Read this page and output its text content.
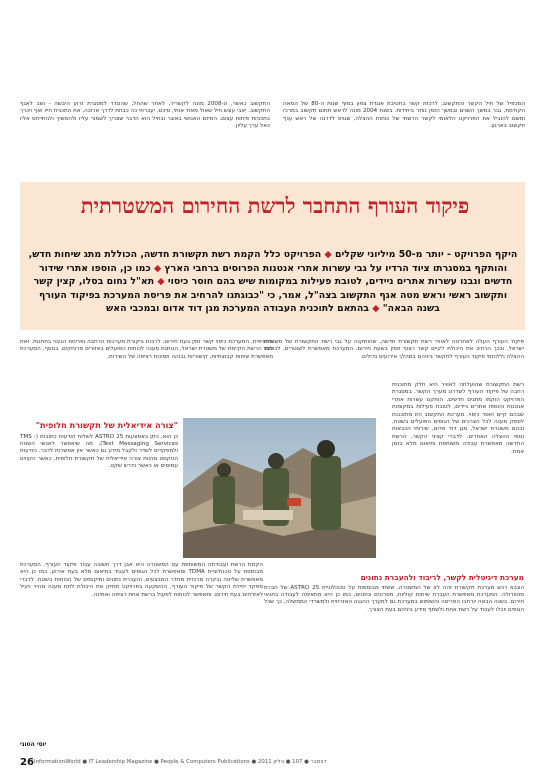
המכפיל של חיל הקשר והתקשוב, לרכזת קשר בחטיבת אוגדת צפון בסוף שנות ה-80 של המאה הקודמת, גבר במשך השנים ובמשך הזמן נותר ביחידות. בשנת 2004 מונה לראש תחום תקשוב במרכז ומשם להוביל את הפרויקט הלאומי לקשר הרשתי של כוחות ההצלה, שגויס לדרגה של ראש ענף תקשוב בארגון.
התקשוב כאשר, ונ-2008 מונה לקשריר, לאחר שהחל, שהוגדר למסגרת זרוע היבשה - ושב לאגף התקשוב. יאבי עונש חיל שאול מאוד אותי, סיכם, יעברתי כה כבחת לדרך ארוכה, את התכנית חייו ואף ויכרך בתכניות פיתוח עצום. המיזם האנושי באוגר ובחיל הוא הדבר שצריך לשמור עליו ולהמשיך ולהתייחס אליו כאל ערך עליון.
פיקוד העורף התחבר לרשת החירום המשטרתית
היקף הפרויקט - יותר מ-50 מיליוני שקלים ◆ הפרויקט כלל הקמת רשת תקשורת חדשה, הכוללת מתג שיחות חדש, והותקף במסגרתו ציוד הרדיו על גבי עשרות אתרי אנטנות הפרוסים ברחבי הארץ ◆ כמו כן, הוספו אתרי שידור חדשים ונבנו עשרות אתרים ניידים, לטובת פעילות במקומות שיש בהם חוסר כיסוי ◆ תא"ל נחום בסלו, קצין קשר ותקשוב ראשי וראש מטה אגף התקשוב בצה"ל, אמר, כי "כבוגתנו להרחיב את פריסת המערכת בפיקוד העורף בשנה הבאה" ◆ בהתאם לתוכנית העבודה המערכת מגן דוד אדום ובמכבי האש
פיקוד העורף העלה לאחרונה לאוויר רשת תקשורת חדשה, שהותקנה על גבי רשת התקשורת של משטרת ישראל, ובכך הרחיב את היכולת לקיים קשר רצוף וזמין בשעת חירום. המערכת מאפשרת לשוטרים, לכוחות ההצלה וללוחמי פיקוד העורף לתקשר ביניהם במהלך אירועים גדולים.
רשת התקשורת שהועלתה לאוויר היא חלק מתוכנית רחבה של פיקוד העורף לשדרוג מערך הקשר. במסגרת הפרויקט הוקמו מתגים חדשים, הותקנו עשרות אתרי אנטנות והוספו אתרים ניידים, לטובת פעילות במקומות שבהם קיים חוסר כיסוי. מערכת התקשוב הזו מתוכננת לספק מענה לכל הצרכים של הגופים הפועלים בשטח, ובהם משטרת ישראל, מגן דוד אדום, שירותי הכבאות וגופי ההצלה האחרים. לדברי קציני הקשר, הרשת החדשה מאפשרת עבודה משותפת ותיאום מלא בזמן אמת.
ספציפית, המערכת כיסוי קשר זמין בעת חירום, לרבות ביקורת מערכות הרחבה ופריסת הגיבוי בתחנות. זאת לצד הרשת הקיימת של משטרת ישראל, הנותנת מענה לכוחות הפועלים באזורים מרוחקים. בנוסף, המערכת מאפשרת שיחות קבוצתיות, קישוריות גבוהה וזמינות רציפה של השירות.
"צורה אידיאלית של תקשורת חלופית"
כן הוא, ניתן באמצעות 25 ASTRO לשלוח הודעות כתובות (TMS - Text Messaging Services), מה שיאפשר לאנשי השטח ולמפקדים לשדר ולקבל מידע גם כאשר אין אפשרות לדבר. הודעות הטקסט מהוות צורה אידיאלית של תקשורת חלופית, כאשר הקווים עמוסים או כאשר נדרש שקט.
מערכת דיגיטלית לקשר, לריבוד ולהעברת נתונים
הצבא רכש מערכת תקשורת זהה לזו של המשטרה, ששתי מבוססות על טכנולוגיית ASTRO 25 של חברת מוטורולה. המערכת מאפשרת העברת שיחות קוליות, מסרונים ונתונים, כמו כן היא מתאימה לעבודה בתנאי חירום. בשנה הבאה יורחבו הפריסה והשימוש במערכת גם למערך ההגנה האזרחית ולמשרדי הממשלה, כך שכל הגופים יוכלו לעבוד על רשת אחת ולשתף מידע ביניהם בעת הצורך.
הקמת הרשת ועבודתה המשותפת עם המשטרה היא אבן דרך חשובה עבור פיקוד העורף. המערכת מבוססת על טכנולוגיית TDMA ומאפשרת לכל הגופים לעבוד בתיאום מלא בעת אירוע. כמו כן היא מאפשרת שליטה ובקרה מרכזית מחדר המבצעים, והעברת נתונים ומיקומים של הכוחות בשטח. לדברי מפקד יחידת הקשר של פיקוד העורף, ההשקעה בפרויקט תחזק את היכולת לתת מענה מהיר ויעיל לאזרחים בעת חירום, ותאפשר לכוחות לפעול ברשת אחת רציפה ואמינה.
יוסי הטוני
26 InformationWorld ● IT Leadership Magazine ● People & Computers Publications ● 2011 דצמבר ● 107 ● גיליון
